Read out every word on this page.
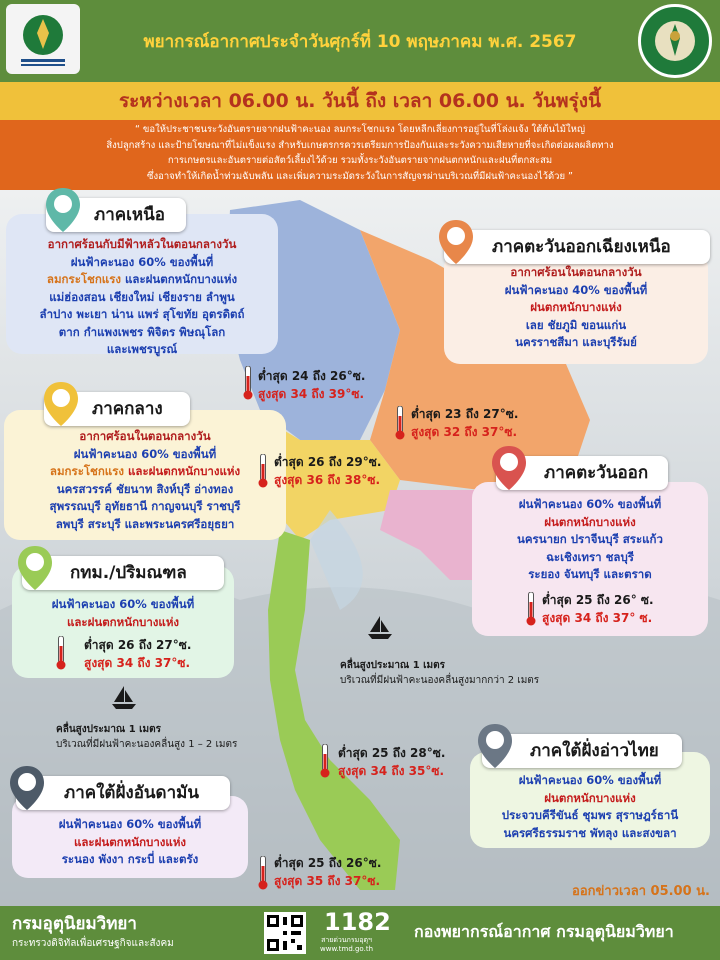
พยากรณ์อากาศประจำวันศุกร์ที่ 10 พฤษภาคม พ.ศ. 2567
ระหว่างเวลา 06.00 น. วันนี้ ถึง เวลา 06.00 น. วันพรุ่งนี้
“ ขอให้ประชาชนระวังอันตรายจากฝนฟ้าคะนอง ลมกระโชกแรง โดยหลีกเลี่ยงการอยู่ในที่โล่งแจ้ง ใต้ต้นไม้ใหญ่
สิ่งปลูกสร้าง และป้ายโฆษณาที่ไม่แข็งแรง สำหรับเกษตรกรควรเตรียมการป้องกันและระวังความเสียหายที่จะเกิดต่อผลผลิตทาง
การเกษตรและอันตรายต่อสัตว์เลี้ยงไว้ด้วย รวมทั้งระวังอันตรายจากฝนตกหนักและฝนที่ตกสะสม
ซึ่งอาจทำให้เกิดน้ำท่วมฉับพลัน และเพิ่มความระมัดระวังในการสัญจรผ่านบริเวณที่มีฝนฟ้าคะนองไว้ด้วย ”
อากาศร้อนกับมีฟ้าหลัวในตอนกลางวัน
ฝนฟ้าคะนอง 60% ของพื้นที่
ลมกระโชกแรง และฝนตกหนักบางแห่ง
แม่ฮ่องสอน เชียงใหม่ เชียงราย ลำพูน
ลำปาง พะเยา น่าน แพร่ สุโขทัย อุตรดิตถ์
ตาก กำแพงเพชร พิจิตร พิษณุโลก
และเพชรบูรณ์
ภาคเหนือ
ต่ำสุด 24 ถึง 26°ซ.
สูงสุด 34 ถึง 39°ซ.
อากาศร้อนในตอนกลางวัน
ฝนฟ้าคะนอง 40% ของพื้นที่
ฝนตกหนักบางแห่ง
เลย ชัยภูมิ ขอนแก่น
นครราชสีมา และบุรีรัมย์
ภาคตะวันออกเฉียงเหนือ
ต่ำสุด 23 ถึง 27°ซ.
สูงสุด 32 ถึง 37°ซ.
อากาศร้อนในตอนกลางวัน
ฝนฟ้าคะนอง 60% ของพื้นที่
ลมกระโชกแรง และฝนตกหนักบางแห่ง
นครสวรรค์ ชัยนาท สิงห์บุรี อ่างทอง
สุพรรณบุรี อุทัยธานี กาญจนบุรี ราชบุรี
ลพบุรี สระบุรี และพระนครศรีอยุธยา
ภาคกลาง
ต่ำสุด 26 ถึง 29°ซ.
สูงสุด 36 ถึง 38°ซ.
ฝนฟ้าคะนอง 60% ของพื้นที่
ฝนตกหนักบางแห่ง
นครนายก ปราจีนบุรี สระแก้ว
ฉะเชิงเทรา ชลบุรี
ระยอง จันทบุรี และตราด
ภาคตะวันออก
ต่ำสุด 25 ถึง 26° ซ.
สูงสุด 34 ถึง 37° ซ.
ฝนฟ้าคะนอง 60% ของพื้นที่
และฝนตกหนักบางแห่ง
กทม./ปริมณฑล
ต่ำสุด 26 ถึง 27°ซ.
สูงสุด 34 ถึง 37°ซ.	คลื่นสูงประมาณ 1 เมตร
บริเวณที่มีฝนฟ้าคะนองคลื่นสูงมากกว่า 2 เมตร
คลื่นสูงประมาณ 1 เมตร
บริเวณที่มีฝนฟ้าคะนองคลื่นสูง 1 – 2 เมตร
ต่ำสุด 25 ถึง 28°ซ.
สูงสุด 34 ถึง 35°ซ.
ฝนฟ้าคะนอง 60% ของพื้นที่
ฝนตกหนักบางแห่ง
ประจวบคีรีขันธ์ ชุมพร สุราษฎร์ธานี
นครศรีธรรมราช พัทลุง และสงขลา
ภาคใต้ฝั่งอ่าวไทย
ฝนฟ้าคะนอง 60% ของพื้นที่
และฝนตกหนักบางแห่ง
ระนอง พังงา กระบี่ และตรัง
ภาคใต้ฝั่งอันดามัน
ต่ำสุด 25 ถึง 26°ซ.
สูงสุด 35 ถึง 37°ซ.
ออกข่าวเวลา 05.00 น.
กรมอุตุนิยมวิทยา
กระทรวงดิจิทัลเพื่อเศรษฐกิจและสังคม
1182
สายด่วนกรมอุตุฯ
www.tmd.go.th
กองพยากรณ์อากาศ กรมอุตุนิยมวิทยา
